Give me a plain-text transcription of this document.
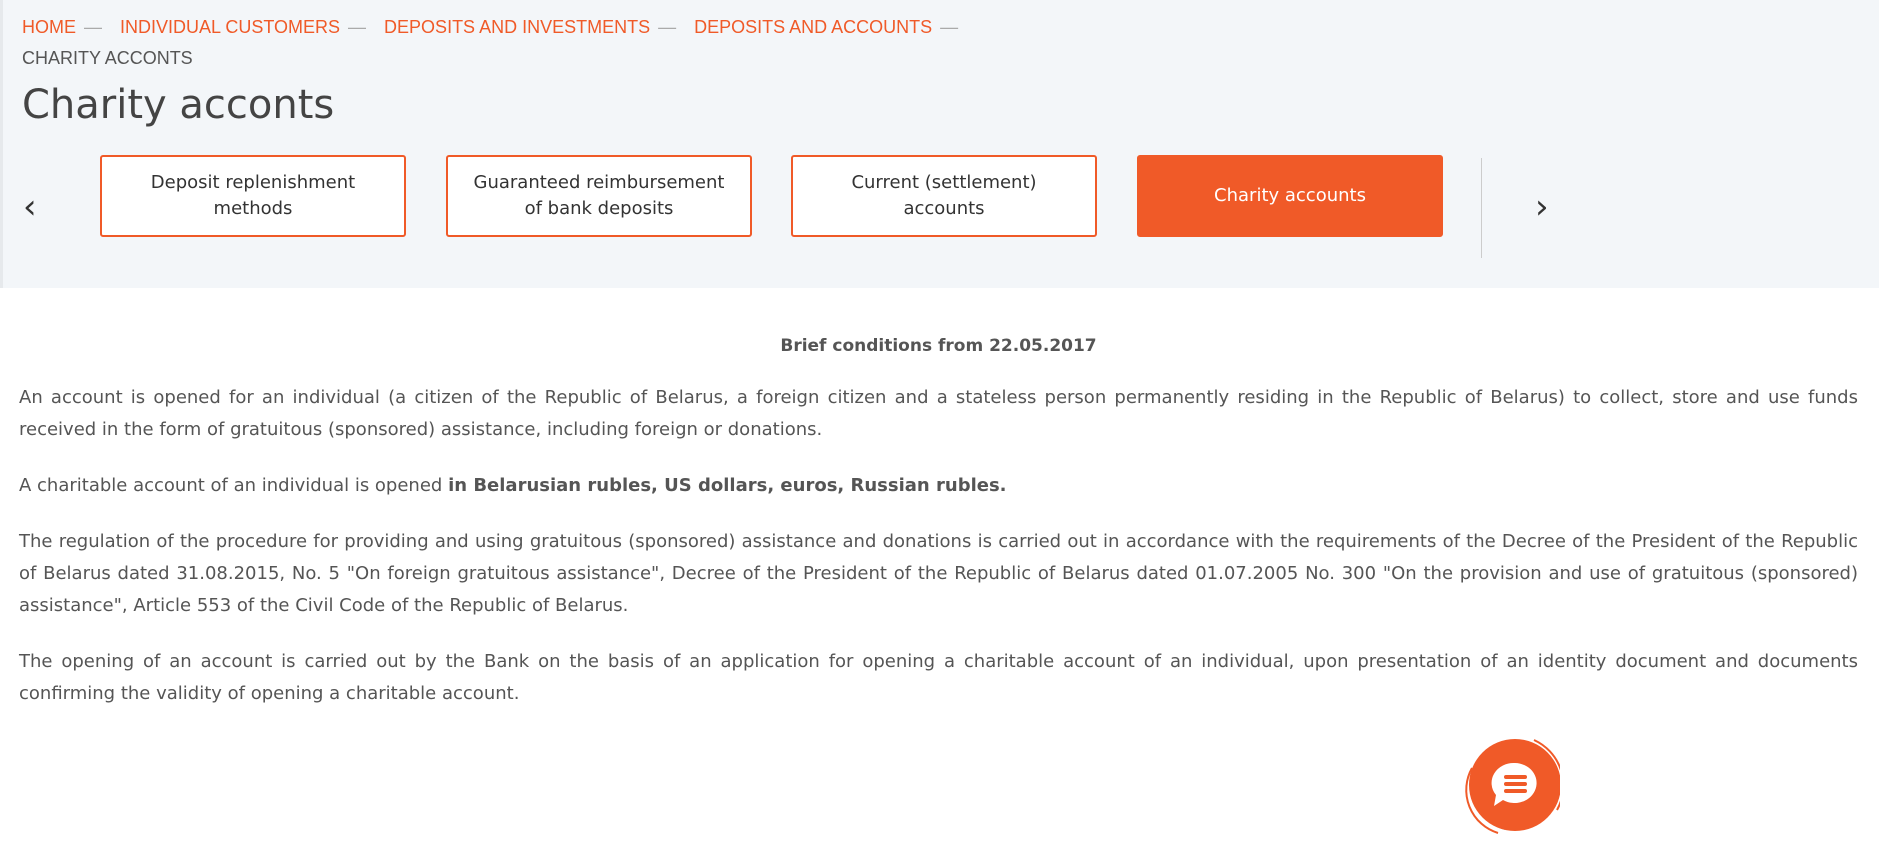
HOME — INDIVIDUAL CUSTOMERS — DEPOSITS AND INVESTMENTS — DEPOSITS AND ACCOUNTS —
CHARITY ACCONTS
Charity acconts
‹
Deposit replenishment methods
Guaranteed reimbursement of bank deposits
Current (settlement) accounts
Charity accounts	›
Brief conditions from 22.05.2017

An account is opened for an individual (a citizen of the Republic of Belarus, a foreign citizen and a stateless person permanently residing in the Republic of Belarus) to collect, store and use funds received in the form of gratuitous (sponsored) assistance, including foreign or donations.

A charitable account of an individual is opened in Belarusian rubles, US dollars, euros, Russian rubles.

The regulation of the procedure for providing and using gratuitous (sponsored) assistance and donations is carried out in accordance with the requirements of the Decree of the President of the Republic of Belarus dated 31.08.2015, No. 5 "On foreign gratuitous assistance", Decree of the President of the Republic of Belarus dated 01.07.2005 No. 300 "On the provision and use of gratuitous (sponsored) assistance", Article 553 of the Civil Code of the Republic of Belarus.

The opening of an account is carried out by the Bank on the basis of an application for opening a charitable account of an individual, upon presentation of an identity document and documents confirming the validity of opening a charitable account.
